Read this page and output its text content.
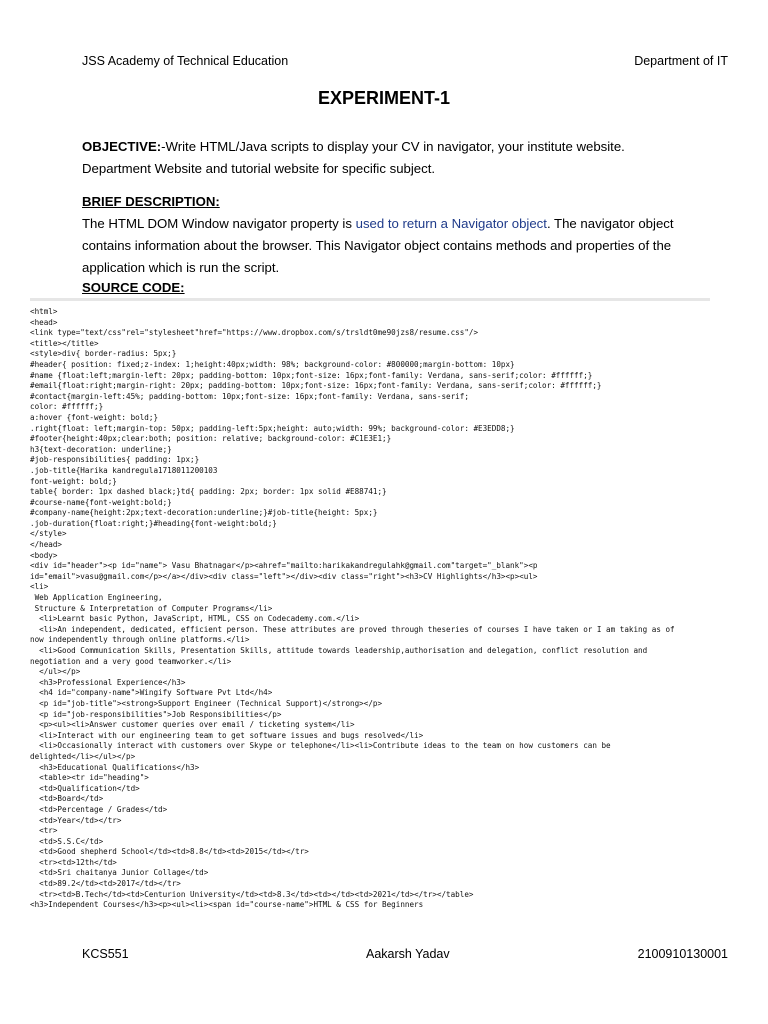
JSS Academy of Technical Education	Department of IT
EXPERIMENT-1
OBJECTIVE:-Write HTML/Java scripts to display your CV in navigator, your institute website. Department Website and tutorial website for specific subject.
BRIEF DESCRIPTION:
The HTML DOM Window navigator property is used to return a Navigator object. The navigator object contains information about the browser. This Navigator object contains methods and properties of the application which is run the script.
SOURCE CODE:
<html>
<head>
<link type="text/css"rel="stylesheet"href="https://www.dropbox.com/s/trsldt0me90jzs8/resume.css"/>
<title></title>
<style>div{ border-radius: 5px;}
#header{ position: fixed;z-index: 1;height:40px;width: 98%; background-color: #800000;margin-bottom: 10px}
#name {float:left;margin-left: 20px; padding-bottom: 10px;font-size: 16px;font-family: Verdana, sans-serif;color: #ffffff;}
#email{float:right;margin-right: 20px; padding-bottom: 10px;font-size: 16px;font-family: Verdana, sans-serif;color: #ffffff;}
#contact{margin-left:45%; padding-bottom: 10px;font-size: 16px;font-family: Verdana, sans-serif;
color: #ffffff;}
a:hover {font-weight: bold;}
.right{float: left;margin-top: 50px; padding-left:5px;height: auto;width: 99%; background-color: #E3EDD8;}
#footer{height:40px;clear:both; position: relative; background-color: #C1E3E1;}
h3{text-decoration: underline;}
#job-responsibilities{ padding: 1px;}
.job-title{Harika kandregula1718011200103
font-weight: bold;}
table{ border: 1px dashed black;}td{ padding: 2px; border: 1px solid #E88741;}
#course-name{font-weight:bold;}
#company-name{height:2px;text-decoration:underline;}#job-title{height: 5px;}
.job-duration{float:right;}#heading{font-weight:bold;}
</style>
</head>
<body>
<div id="header"><p id="name"> Vasu Bhatnagar</p><ahref="mailto:harikakandregulahk@gmail.com"target="_blank"><p
id="email">vasu@gmail.com</p></a></div><div class="left"></div><div class="right"><h3>CV Highlights</h3><p><ul>
<li>
Web Application Engineering,
Structure & Interpretation of Computer Programs</li>
<li>Learnt basic Python, JavaScript, HTML, CSS on Codecademy.com.</li>
<li>An independent, dedicated, efficient person. These attributes are proved through theseries of courses I have taken or I am taking as of
now independently through online platforms.</li>
<li>Good Communication Skills, Presentation Skills, attitude towards leadership,authorisation and delegation, conflict resolution and
negotiation and a very good teamworker.</li>
</ul></p>
<h3>Professional Experience</h3>
<h4 id="company-name">Wingify Software Pvt Ltd</h4>
<p id="job-title"><strong>Support Engineer (Technical Support)</strong></p>
<p id="job-responsibilities">Job Responsibilities</p>
<p><ul><li>Answer customer queries over email / ticketing system</li>
<li>Interact with our engineering team to get software issues and bugs resolved</li>
<li>Occasionally interact with customers over Skype or telephone</li><li>Contribute ideas to the team on how customers can be
delighted</li></ul></p>
<h3>Educational Qualifications</h3>
<table><tr id="heading">
<td>Qualification</td>
<td>Board</td>
<td>Percentage / Grades</td>
<td>Year</td></tr>
<tr>
<td>S.S.C</td>
<td>Good shepherd School</td><td>8.8</td><td>2015</td></tr>
<tr><td>12th</td>
<td>Sri chaitanya Junior Collage</td>
<td>89.2</td><td>2017</td></tr>
<tr><td>B.Tech</td><td>Centurion University</td><td>8.3</td><td></td><td>2021</td></tr></table>
<h3>Independent Courses</h3><p><ul><li><span id="course-name">HTML & CSS for Beginners
KCS551	Aakarsh Yadav	2100910130001
